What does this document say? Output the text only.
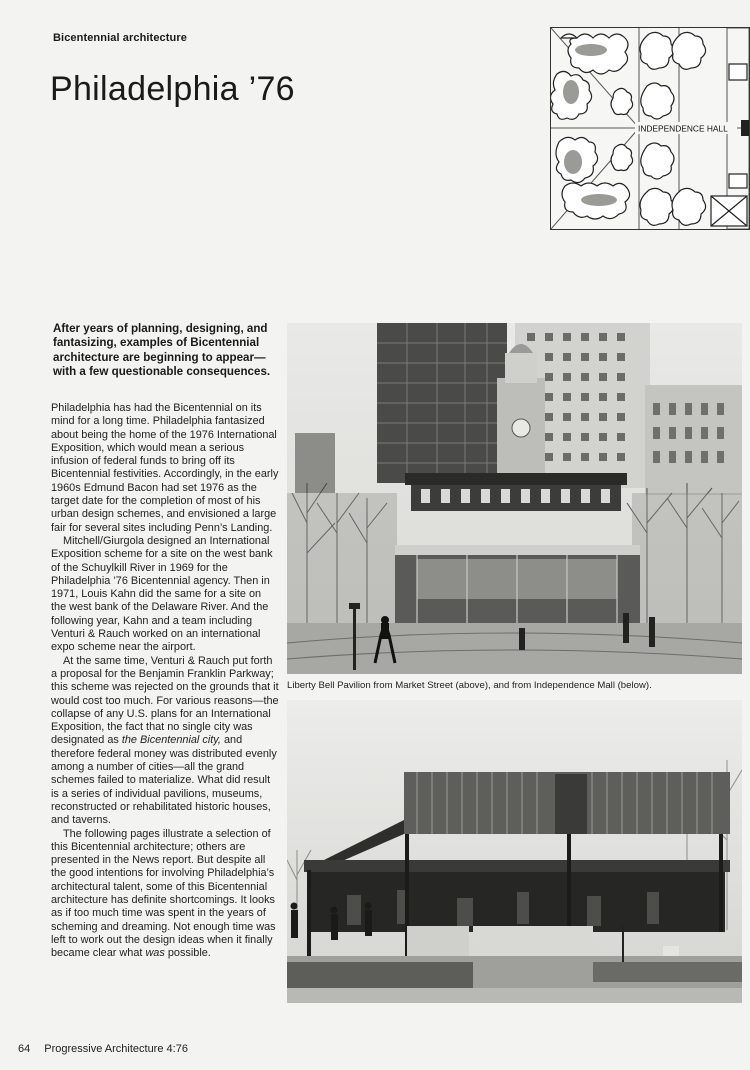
Bicentennial architecture
Philadelphia ’76
INDEPENDENCE HALL

After years of planning, designing, and fantasizing, examples of Bicentennial architecture are beginning to appear—with a few questionable consequences.

Philadelphia has had the Bicentennial on its mind for a long time. Philadelphia fantasized about being the home of the 1976 International Exposition, which would mean a serious infusion of federal funds to bring off its Bicentennial festivities. Accordingly, in the early 1960s Edmund Bacon had set 1976 as the target date for the completion of most of his urban design schemes, and envisioned a large fair for several sites including Penn’s Landing.

Mitchell/Giurgola designed an International Exposition scheme for a site on the west bank of the Schuylkill River in 1969 for the Philadelphia ’76 Bicentennial agency. Then in 1971, Louis Kahn did the same for a site on the west bank of the Delaware River. And the following year, Kahn and a team including Venturi & Rauch worked on an international expo scheme near the airport.

At the same time, Venturi & Rauch put forth a proposal for the Benjamin Franklin Parkway; this scheme was rejected on the grounds that it would cost too much. For various reasons—the collapse of any U.S. plans for an International Exposition, the fact that no single city was designated as the Bicentennial city, and therefore federal money was distributed evenly among a number of cities—all the grand schemes failed to materialize. What did result is a series of individual pavilions, museums, reconstructed or rehabilitated historic houses, and taverns.

The following pages illustrate a selection of this Bicentennial architecture; others are presented in the News report. But despite all the good intentions for involving Philadelphia’s architectural talent, some of this Bicentennial architecture has definite shortcomings. It looks as if too much time was spent in the years of scheming and dreaming. Not enough time was left to work out the design ideas when it finally became clear what was possible.

Liberty Bell Pavilion from Market Street (above), and from Independence Mall (below).
64 Progressive Architecture 4:76
